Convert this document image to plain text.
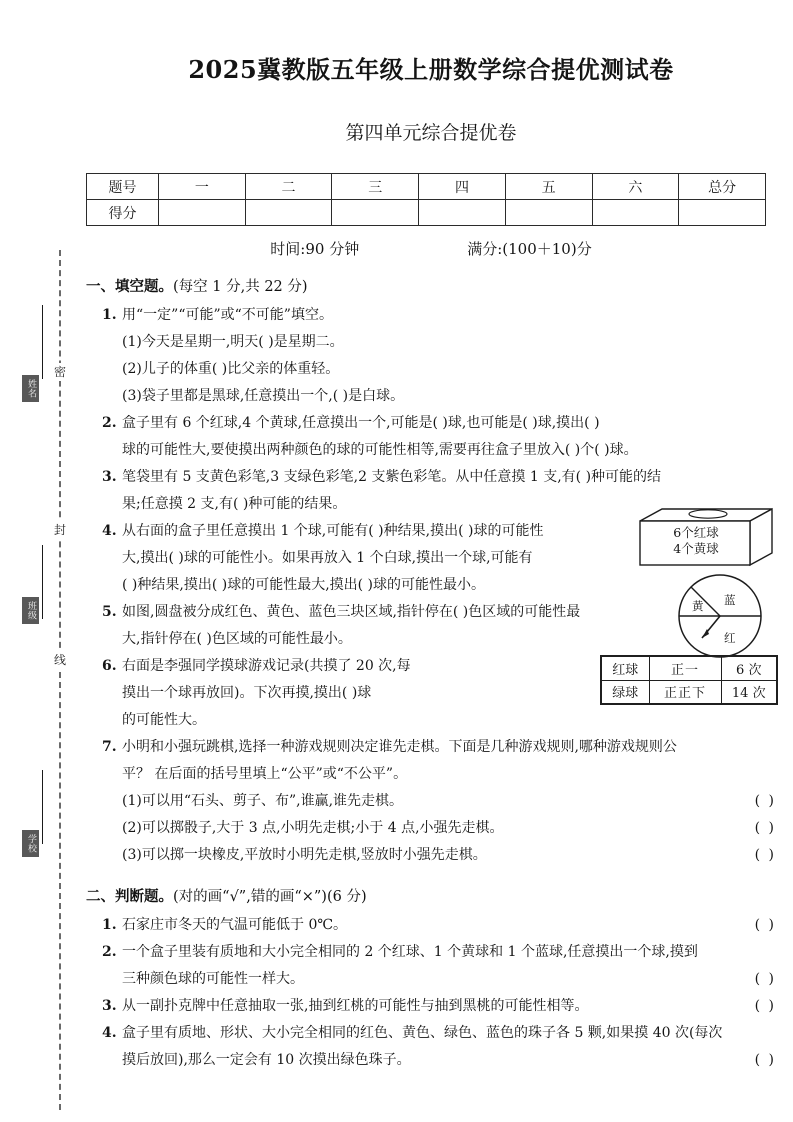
密
封
线
姓名
班级
学校
2025冀教版五年级上册数学综合提优测试卷
第四单元综合提优卷
题号	一	二	三	四	五	六	总分
得分							
时间:90 分钟	满分:(100＋10)分
一、填空题。(每空 1 分,共 22 分)
1. 用“一定”“可能”或“不可能”填空。
(1)今天是星期一,明天( )是星期二。
(2)儿子的体重( )比父亲的体重轻。
(3)袋子里都是黑球,任意摸出一个,( )是白球。
2. 盒子里有 6 个红球,4 个黄球,任意摸出一个,可能是( )球,也可能是( )球,摸出( )
球的可能性大,要使摸出两种颜色的球的可能性相等,需要再往盒子里放入( )个( )球。
3. 笔袋里有 5 支黄色彩笔,3 支绿色彩笔,2 支紫色彩笔。从中任意摸 1 支,有( )种可能的结
果;任意摸 2 支,有( )种可能的结果。
4. 从右面的盒子里任意摸出 1 个球,可能有( )种结果,摸出( )球的可能性
大,摸出( )球的可能性小。如果再放入 1 个白球,摸出一个球,可能有
( )种结果,摸出( )球的可能性最大,摸出( )球的可能性最小。
5. 如图,圆盘被分成红色、黄色、蓝色三块区域,指针停在( )色区域的可能性最
大,指针停在( )色区域的可能性最小。
6. 右面是李强同学摸球游戏记录(共摸了 20 次,每
摸出一个球再放回)。下次再摸,摸出( )球
的可能性大。
7. 小明和小强玩跳棋,选择一种游戏规则决定谁先走棋。下面是几种游戏规则,哪种游戏规则公
平？ 在后面的括号里填上“公平”或“不公平”。
(1)可以用“石头、剪子、布”,谁赢,谁先走棋。	( )
(2)可以掷骰子,大于 3 点,小明先走棋;小于 4 点,小强先走棋。	( )
(3)可以掷一块橡皮,平放时小明先走棋,竖放时小强先走棋。	( )
二、判断题。(对的画“√”,错的画“×”)(6 分)
1. 石家庄市冬天的气温可能低于 0℃。	( )
2. 一个盒子里装有质地和大小完全相同的 2 个红球、1 个黄球和 1 个蓝球,任意摸出一个球,摸到
三种颜色球的可能性一样大。	( )
3. 从一副扑克牌中任意抽取一张,抽到红桃的可能性与抽到黑桃的可能性相等。	( )
4. 盒子里有质地、形状、大小完全相同的红色、黄色、绿色、蓝色的珠子各 5 颗,如果摸 40 次(每次
摸后放回),那么一定会有 10 次摸出绿色珠子。	( )
6个红球
4个黄球
黄 蓝
红
红球	正一	6 次
绿球	正正下	14 次
